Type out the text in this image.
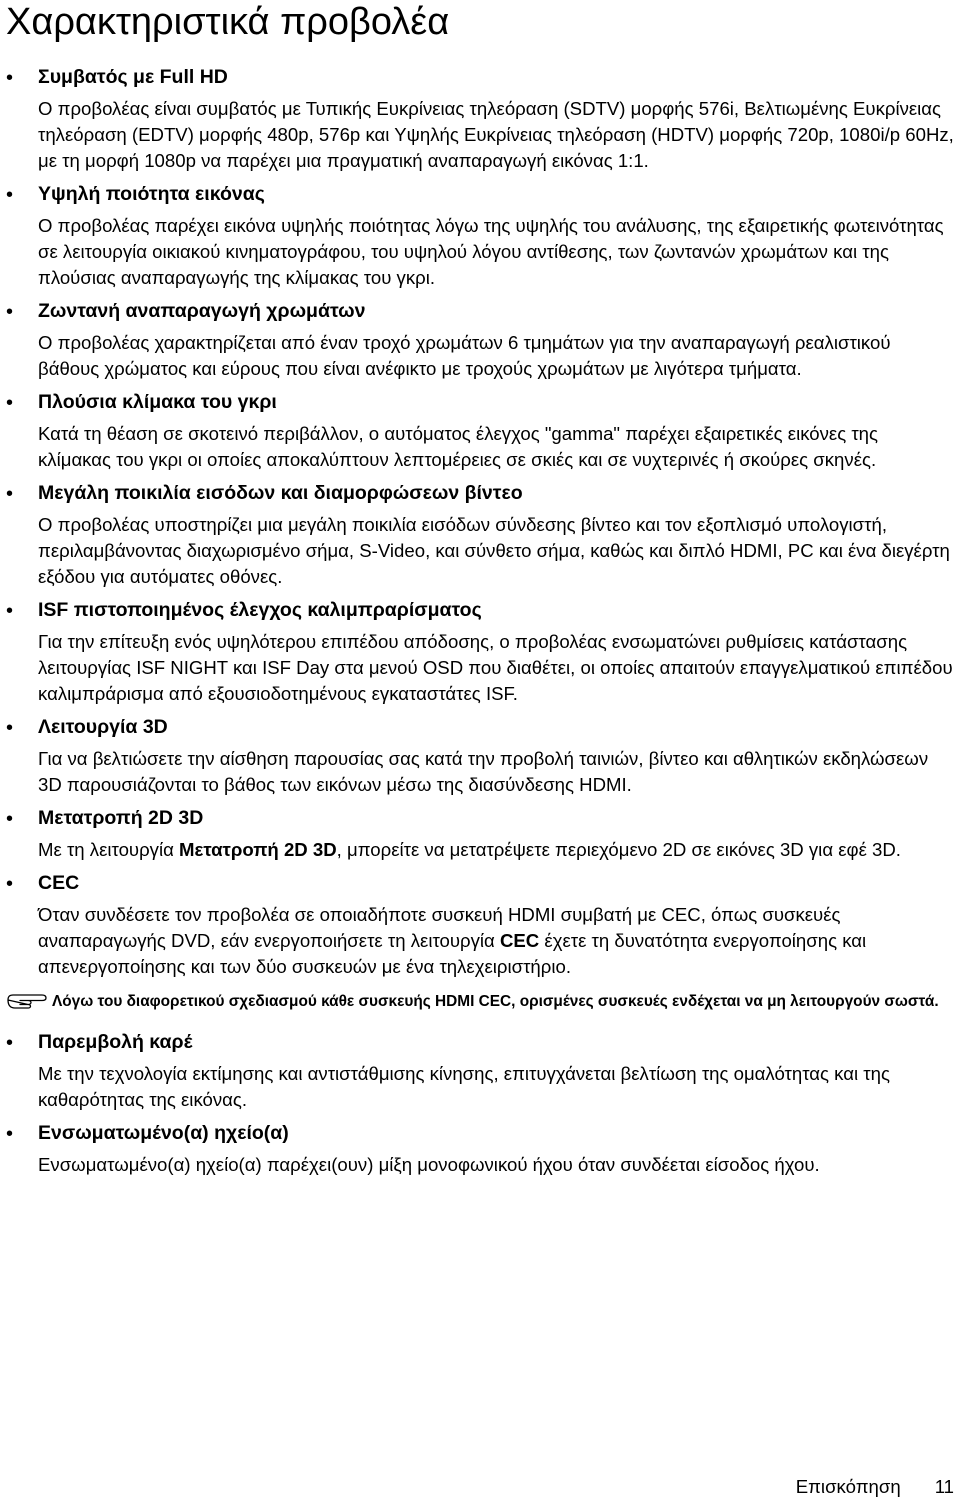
Χαρακτηριστικά προβολέα
• Συμβατός με Full HD
Ο προβολέας είναι συμβατός με Τυπικής Ευκρίνειας τηλεόραση (SDTV) μορφής 576i, Βελτιωμένης Ευκρίνειας τηλεόραση (EDTV) μορφής 480p, 576p και Υψηλής Ευκρίνειας τηλεόραση (HDTV) μορφής 720p, 1080i/p 60Hz, με τη μορφή 1080p να παρέχει μια πραγματική αναπαραγωγή εικόνας 1:1.
• Υψηλή ποιότητα εικόνας
Ο προβολέας παρέχει εικόνα υψηλής ποιότητας λόγω της υψηλής του ανάλυσης, της εξαιρετικής φωτεινότητας σε λειτουργία οικιακού κινηματογράφου, του υψηλού λόγου αντίθεσης, των ζωντανών χρωμάτων και της πλούσιας αναπαραγωγής της κλίμακας του γκρι.
• Ζωντανή αναπαραγωγή χρωμάτων
Ο προβολέας χαρακτηρίζεται από έναν τροχό χρωμάτων 6 τμημάτων για την αναπαραγωγή ρεαλιστικού βάθους χρώματος και εύρους που είναι ανέφικτο με τροχούς χρωμάτων με λιγότερα τμήματα.
• Πλούσια κλίμακα του γκρι
Κατά τη θέαση σε σκοτεινό περιβάλλον, ο αυτόματος έλεγχος "gamma" παρέχει εξαιρετικές εικόνες της κλίμακας του γκρι οι οποίες αποκαλύπτουν λεπτομέρειες σε σκιές και σε νυχτερινές ή σκούρες σκηνές.
• Μεγάλη ποικιλία εισόδων και διαμορφώσεων βίντεο
Ο προβολέας υποστηρίζει μια μεγάλη ποικιλία εισόδων σύνδεσης βίντεο και τον εξοπλισμό υπολογιστή, περιλαμβάνοντας διαχωρισμένο σήμα, S-Video, και σύνθετο σήμα, καθώς και διπλό HDMI, PC και ένα διεγέρτη εξόδου για αυτόματες οθόνες.
• ISF πιστοποιημένος έλεγχος καλιμπραρίσματος
Για την επίτευξη ενός υψηλότερου επιπέδου απόδοσης, ο προβολέας ενσωματώνει ρυθμίσεις κατάστασης λειτουργίας ISF NIGHT και ISF Day στα μενού OSD που διαθέτει, οι οποίες απαιτούν επαγγελματικού επιπέδου καλιμπράρισμα από εξουσιοδοτημένους εγκαταστάτες ISF.
• Λειτουργία 3D
Για να βελτιώσετε την αίσθηση παρουσίας σας κατά την προβολή ταινιών, βίντεο και αθλητικών εκδηλώσεων 3D παρουσιάζονται το βάθος των εικόνων μέσω της διασύνδεσης HDMI.
• Μετατροπή 2D 3D
Με τη λειτουργία Μετατροπή 2D 3D, μπορείτε να μετατρέψετε περιεχόμενο 2D σε εικόνες 3D για εφέ 3D.
• CEC
Όταν συνδέσετε τον προβολέα σε οποιαδήποτε συσκευή HDMI συμβατή με CEC, όπως συσκευές αναπαραγωγής DVD, εάν ενεργοποιήσετε τη λειτουργία CEC έχετε τη δυνατότητα ενεργοποίησης και απενεργοποίησης και των δύο συσκευών με ένα τηλεχειριστήριο.
Λόγω του διαφορετικού σχεδιασμού κάθε συσκευής HDMI CEC, ορισμένες συσκευές ενδέχεται να μη λειτουργούν σωστά.
• Παρεμβολή καρέ
Με την τεχνολογία εκτίμησης και αντιστάθμισης κίνησης, επιτυγχάνεται βελτίωση της ομαλότητας και της καθαρότητας της εικόνας.
• Ενσωματωμένο(α) ηχείο(α)
Ενσωματωμένο(α) ηχείο(α) παρέχει(ουν) μίξη μονοφωνικού ήχου όταν συνδέεται είσοδος ήχου.
Επισκόπηση 11
